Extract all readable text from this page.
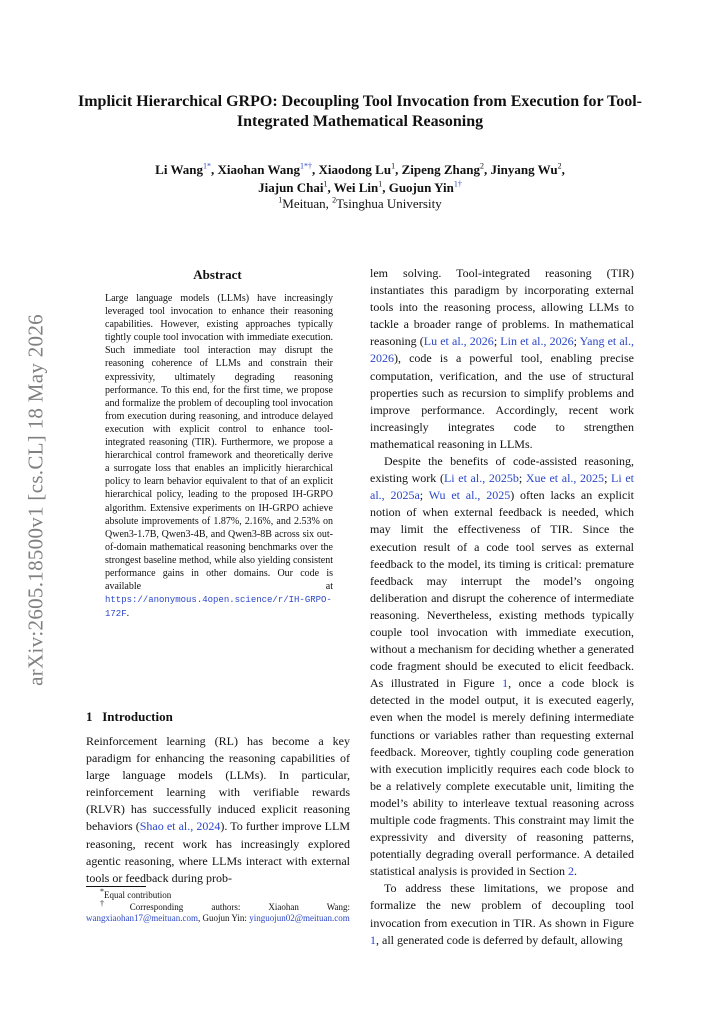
arXiv:2605.18500v1 [cs.CL] 18 May 2026
Implicit Hierarchical GRPO: Decoupling Tool Invocation from Execution for Tool-Integrated Mathematical Reasoning
Li Wang$^{1*}$, Xiaohan Wang$^{1*\dagger}$, Xiaodong Lu$^1$, Zipeng Zhang$^2$, Jinyang Wu$^2$,
Jiajun Chai$^1$, Wei Lin$^1$, Guojun Yin$^{1\dagger}$
$^1$Meituan, $^2$Tsinghua University
Abstract
Large language models (LLMs) have increasingly leveraged tool invocation to enhance their reasoning capabilities. However, existing approaches typically tightly couple tool invocation with immediate execution. Such immediate tool interaction may disrupt the reasoning coherence of LLMs and constrain their expressivity, ultimately degrading reasoning performance. To this end, for the first time, we propose and formalize the problem of decoupling tool invocation from execution during reasoning, and introduce delayed execution with explicit control to enhance tool-integrated reasoning (TIR). Furthermore, we propose a hierarchical control framework and theoretically derive a surrogate loss that enables an implicitly hierarchical policy to learn behavior equivalent to that of an explicit hierarchical policy, leading to the proposed IH-GRPO algorithm. Extensive experiments on IH-GRPO achieve absolute improvements of 1.87%, 2.16%, and 2.53% on Qwen3-1.7B, Qwen3-4B, and Qwen3-8B across six out-of-domain mathematical reasoning benchmarks over the strongest baseline method, while also yielding consistent performance gains in other domains. Our code is available at https://anonymous.4open.science/r/IH-GRPO-172F.
1 Introduction
Reinforcement learning (RL) has become a key paradigm for enhancing the reasoning capabilities of large language models (LLMs). In particular, reinforcement learning with verifiable rewards (RLVR) has successfully induced explicit reasoning behaviors (Shao et al., 2024). To further improve LLM reasoning, recent work has increasingly explored agentic reasoning, where LLMs interact with external tools or feedback during prob-
*Equal contribution
†Corresponding authors: Xiaohan Wang: wangxiaohan17@meituan.com, Guojun Yin: yinguojun02@meituan.com

lem solving. Tool-integrated reasoning (TIR) instantiates this paradigm by incorporating external tools into the reasoning process, allowing LLMs to tackle a broader range of problems. In mathematical reasoning (Lu et al., 2026; Lin et al., 2026; Yang et al., 2026), code is a powerful tool, enabling precise computation, verification, and the use of structural properties such as recursion to simplify problems and improve performance. Accordingly, recent work increasingly integrates code to strengthen mathematical reasoning in LLMs.

Despite the benefits of code-assisted reasoning, existing work (Li et al., 2025b; Xue et al., 2025; Li et al., 2025a; Wu et al., 2025) often lacks an explicit notion of when external feedback is needed, which may limit the effectiveness of TIR. Since the execution result of a code tool serves as external feedback to the model, its timing is critical: premature feedback may interrupt the model’s ongoing deliberation and disrupt the coherence of intermediate reasoning. Nevertheless, existing methods typically couple tool invocation with immediate execution, without a mechanism for deciding whether a generated code fragment should be executed to elicit feedback. As illustrated in Figure 1, once a code block is detected in the model output, it is executed eagerly, even when the model is merely defining intermediate functions or variables rather than requesting external feedback. Moreover, tightly coupling code generation with execution implicitly requires each code block to be a relatively complete executable unit, limiting the model’s ability to interleave textual reasoning across multiple code fragments. This constraint may limit the expressivity and diversity of reasoning patterns, potentially degrading overall performance. A detailed statistical analysis is provided in Section 2.

To address these limitations, we propose and formalize the new problem of decoupling tool invocation from execution in TIR. As shown in Figure 1, all generated code is deferred by default, allowing
